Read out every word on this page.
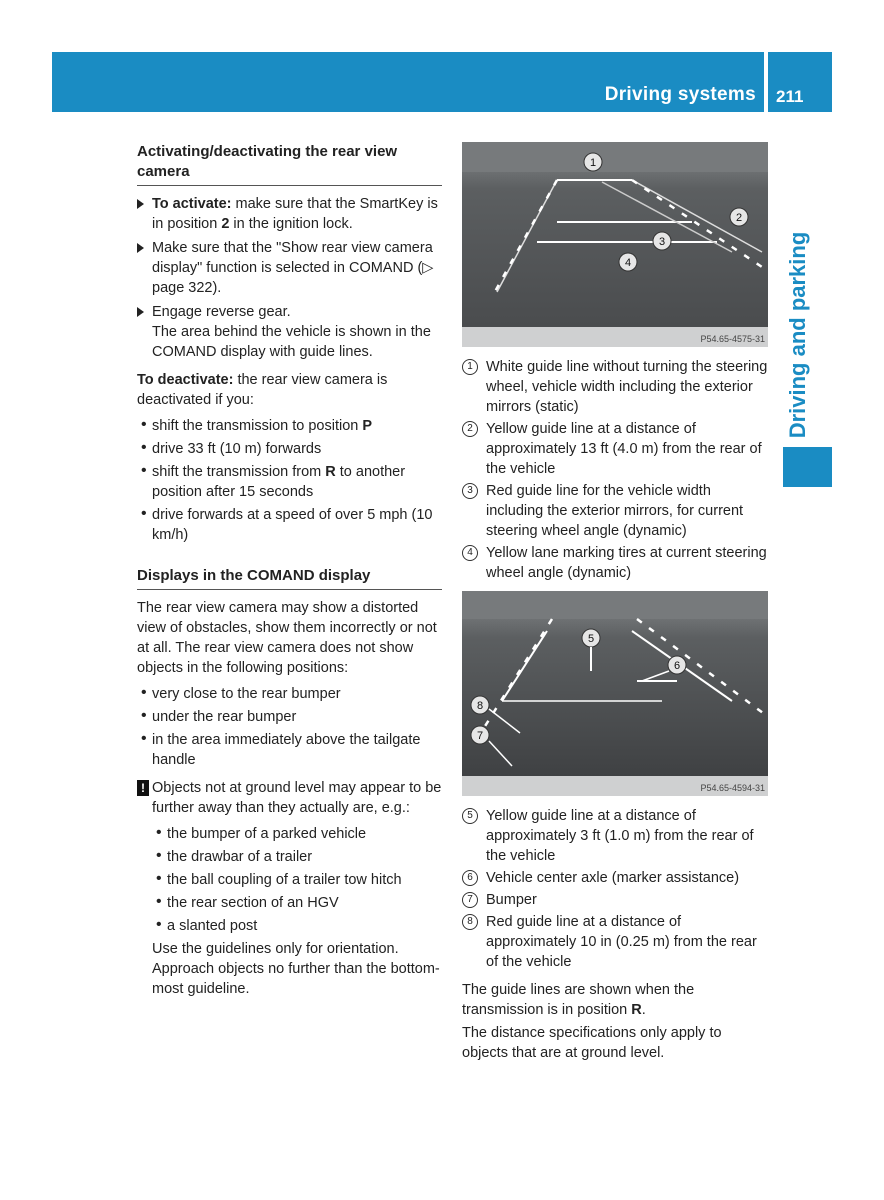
Driving systems 211
Driving and parking
Activating/deactivating the rear view camera

To activate: make sure that the SmartKey is in position 2 in the ignition lock.

Make sure that the "Show rear view camera display" function is selected in COMAND (▷ page 322).

Engage reverse gear.

The area behind the vehicle is shown in the COMAND display with guide lines.

To deactivate: the rear view camera is deactivated if you:

• shift the transmission to position P

• drive 33 ft (10 m) forwards

• shift the transmission from R to another position after 15 seconds

• drive forwards at a speed of over 5 mph (10 km/h)

Displays in the COMAND display

The rear view camera may show a distorted view of obstacles, show them incorrectly or not at all. The rear view camera does not show objects in the following positions:

• very close to the rear bumper

• under the rear bumper

• in the area immediately above the tailgate handle

! Objects not at ground level may appear to be further away than they actually are, e.g.:

• the bumper of a parked vehicle

• the drawbar of a trailer

• the ball coupling of a trailer tow hitch

• the rear section of an HGV

• a slanted post

Use the guidelines only for orientation. Approach objects no further than the bottom-most guideline.

1
2
3
4
P54.65-4575-31
1 White guide line without turning the steering wheel, vehicle width including the exterior mirrors (static)

2 Yellow guide line at a distance of approximately 13 ft (4.0 m) from the rear of the vehicle

3 Red guide line for the vehicle width including the exterior mirrors, for current steering wheel angle (dynamic)

4 Yellow lane marking tires at current steering wheel angle (dynamic)

5
6
8
7
P54.65-4594-31
5 Yellow guide line at a distance of approximately 3 ft (1.0 m) from the rear of the vehicle

6 Vehicle center axle (marker assistance)

7 Bumper

8 Red guide line at a distance of approximately 10 in (0.25 m) from the rear of the vehicle

The guide lines are shown when the transmission is in position R.

The distance specifications only apply to objects that are at ground level.
